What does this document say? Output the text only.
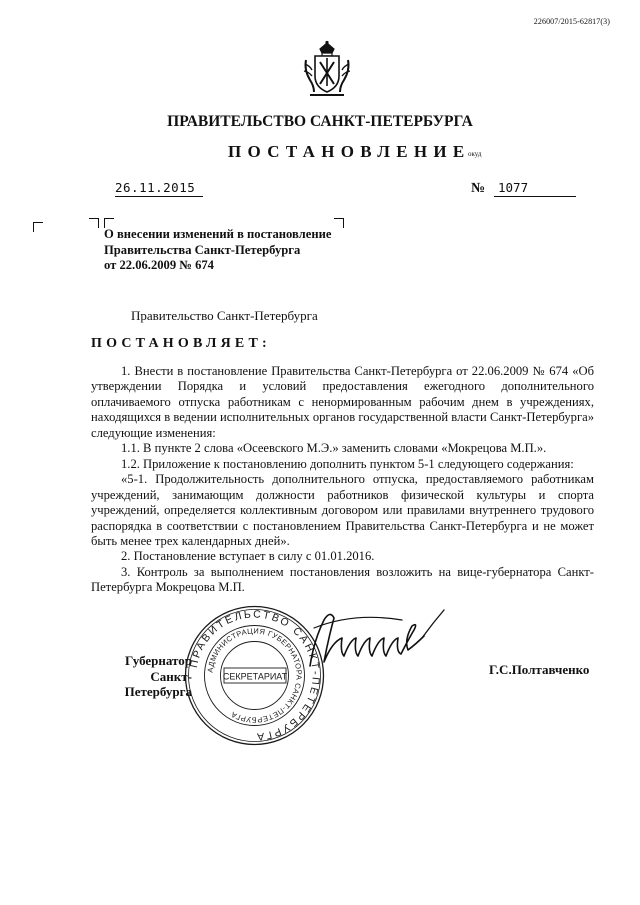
226007/2015-62817(3)
ПРАВИТЕЛЬСТВО САНКТ-ПЕТЕРБУРГА
ПОСТАНОВЛЕНИЕ
окуд
26.11.2015	№	1077
О внесении изменений в постановление
Правительства Санкт-Петербурга
от 22.06.2009 № 674
Правительство Санкт-Петербурга
ПОСТАНОВЛЯЕТ:

1. Внести в постановление Правительства Санкт-Петербурга от 22.06.2009 № 674 «Об утверждении Порядка и условий предоставления ежегодного дополнительного оплачиваемого отпуска работникам с ненормированным рабочим днем в учреждениях, находящихся в ведении исполнительных органов государственной власти Санкт-Петербурга» следующие изменения:

1.1. В пункте 2 слова «Осеевского М.Э.» заменить словами «Мокрецова М.П.».

1.2. Приложение к постановлению дополнить пунктом 5-1 следующего содержания:

«5-1. Продолжительность дополнительного отпуска, предоставляемого работникам учреждений, занимающим должности работников физической культуры и спорта учреждений, определяется коллективным договором или правилами внутреннего трудового распорядка в соответствии с постановлением Правительства Санкт-Петербурга и не может быть менее трех календарных дней».

2. Постановление вступает в силу с 01.01.2016.

3. Контроль за выполнением постановления возложить на вице-губернатора Санкт-Петербурга Мокрецова М.П.

Губернатор
Санкт-Петербурга
ПРАВИТЕЛЬСТВО САНКТ-ПЕТЕРБУРГА
АДМИНИСТРАЦИЯ ГУБЕРНАТОРА САНКТ-ПЕТЕРБУРГА
СЕКРЕТАРИАТ	Г.С.Полтавченко
